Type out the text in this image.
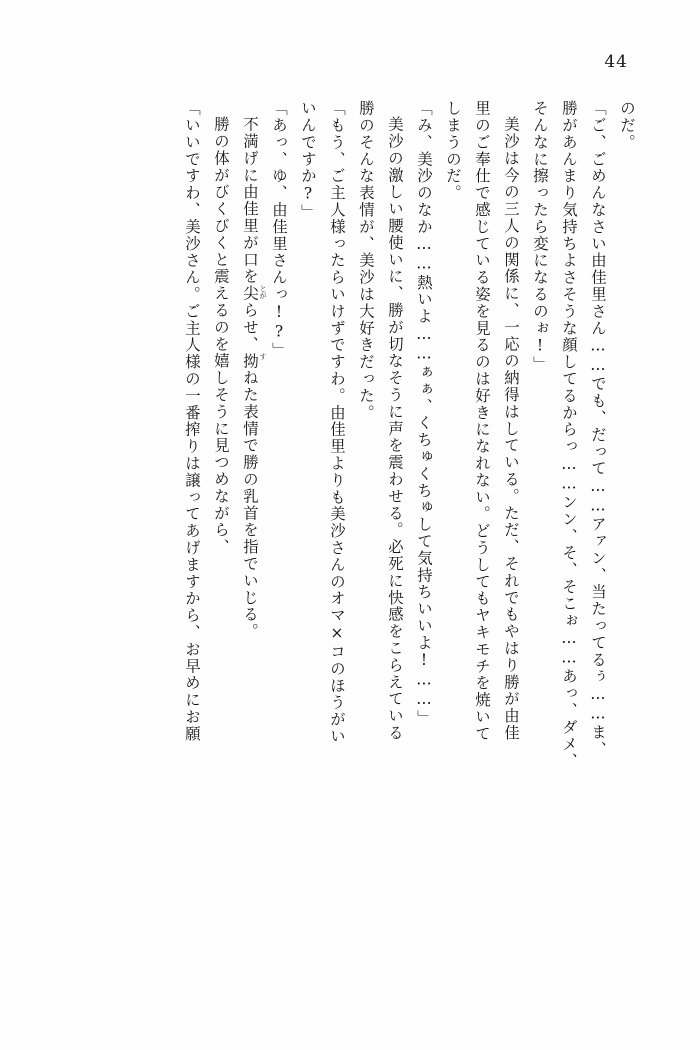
44
のだ。
「ご、ごめんなさい由佳里さん……でも、だって……アァン、当たってるぅ……ま、
勝があんまり気持ちよさそうな顔してるからっ……ンン、そ、そこぉ……あっ、ダメ、
そんなに擦ったら変になるのぉ!」
美沙は今の三人の関係に、一応の納得はしている。ただ、それでもやはり勝が由佳
里のご奉仕で感じている姿を見るのは好きになれない。どうしてもヤキモチを焼いて
しまうのだ。
「み、美沙のなか……熱いよ……ぁぁ、くちゅくちゅして気持ちいいよ!……」
美沙の激しい腰使いに、勝が切なそうに声を震わせる。必死に快感をこらえている
勝のそんな表情が、美沙は大好きだった。
「もう、ご主人様ったらいけずですわ。由佳里よりも美沙さんのオマ×コのほうがい
いんですか?」
「あっ、ゆ、由佳里さんっ!?」
不満げに由佳里が口を尖 とが
らせ、拗 す
ねた表情で勝の乳首を指でいじる。
勝の体がびくびくと震えるのを嬉しそうに見つめながら、
「いいですわ、美沙さん。ご主人様の一番搾りは譲ってあげますから、お早めにお願
